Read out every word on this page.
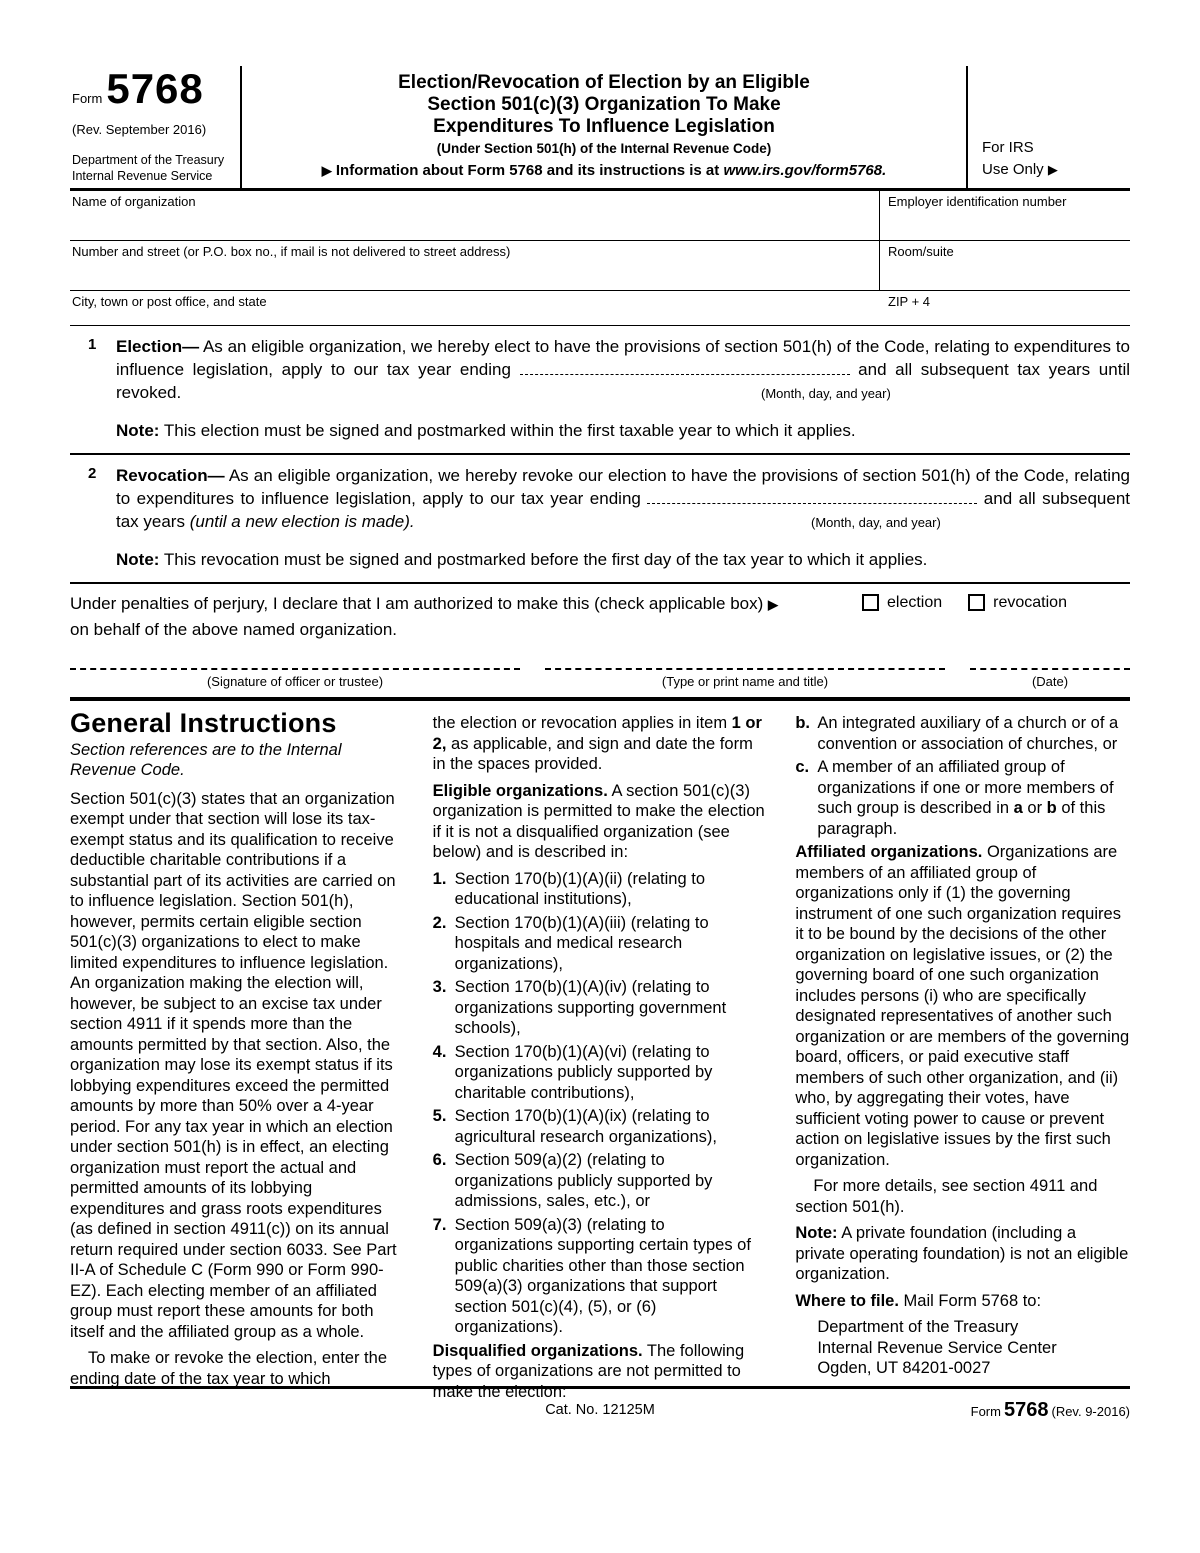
Form5768
(Rev. September 2016)
Department of the Treasury
Internal Revenue Service
Election/Revocation of Election by an Eligible
Section 501(c)(3) Organization To Make
Expenditures To Influence Legislation
(Under Section 501(h) of the Internal Revenue Code)
▶ Information about Form 5768 and its instructions is at www.irs.gov/form5768.
For IRS
Use Only ▶
Name of organization	Employer identification number
Number and street (or P.O. box no., if mail is not delivered to street address)	Room/suite
City, town or post office, and state	ZIP + 4
1	Election— As an eligible organization, we hereby elect to have the provisions of section 501(h) of the Code, relating to expenditures to influence legislation, apply to our tax year ending	and all subsequent tax years until revoked.	(Month, day, and year)

Note: This election must be signed and postmarked within the first taxable year to which it applies.

2	Revocation— As an eligible organization, we hereby revoke our election to have the provisions of section 501(h) of the Code, relating to expenditures to influence legislation, apply to our tax year ending	and all subsequent tax years (until a new election is made).	(Month, day, and year)

Note: This revocation must be signed and postmarked before the first day of the tax year to which it applies.

Under penalties of perjury, I declare that I am authorized to make this (check applicable box) ▶
on behalf of the above named organization.
election	revocation
(Signature of officer or trustee)	(Type or print name and title)	(Date)
General Instructions
Section references are to the Internal Revenue Code.

Section 501(c)(3) states that an organization exempt under that section will lose its tax-exempt status and its qualification to receive deductible charitable contributions if a substantial part of its activities are carried on to influence legislation. Section 501(h), however, permits certain eligible section 501(c)(3) organizations to elect to make limited expenditures to influence legislation. An organization making the election will, however, be subject to an excise tax under section 4911 if it spends more than the amounts permitted by that section. Also, the organization may lose its exempt status if its lobbying expenditures exceed the permitted amounts by more than 50% over a 4-year period. For any tax year in which an election under section 501(h) is in effect, an electing organization must report the actual and permitted amounts of its lobbying expenditures and grass roots expenditures (as defined in section 4911(c)) on its annual return required under section 6033. See Part II-A of Schedule C (Form 990 or Form 990-EZ). Each electing member of an affiliated group must report these amounts for both itself and the affiliated group as a whole.

To make or revoke the election, enter the ending date of the tax year to which

the election or revocation applies in item 1 or 2, as applicable, and sign and date the form in the spaces provided.

Eligible organizations. A section 501(c)(3) organization is permitted to make the election if it is not a disqualified organization (see below) and is described in:

1. Section 170(b)(1)(A)(ii) (relating to educational institutions),
2. Section 170(b)(1)(A)(iii) (relating to hospitals and medical research organizations),
3. Section 170(b)(1)(A)(iv) (relating to organizations supporting government schools),
4. Section 170(b)(1)(A)(vi) (relating to organizations publicly supported by charitable contributions),
5. Section 170(b)(1)(A)(ix) (relating to agricultural research organizations),
6. Section 509(a)(2) (relating to organizations publicly supported by admissions, sales, etc.), or
7. Section 509(a)(3) (relating to organizations supporting certain types of public charities other than those section 509(a)(3) organizations that support section 501(c)(4), (5), or (6) organizations).

Disqualified organizations. The following types of organizations are not permitted to make the election:

b. An integrated auxiliary of a church or of a convention or association of churches, or
c. A member of an affiliated group of organizations if one or more members of such group is described in a or b of this paragraph.

Affiliated organizations. Organizations are members of an affiliated group of organizations only if (1) the governing instrument of one such organization requires it to be bound by the decisions of the other organization on legislative issues, or (2) the governing board of one such organization includes persons (i) who are specifically designated representatives of another such organization or are members of the governing board, officers, or paid executive staff members of such other organization, and (ii) who, by aggregating their votes, have sufficient voting power to cause or prevent action on legislative issues by the first such organization.

For more details, see section 4911 and section 501(h).

Note: A private foundation (including a private operating foundation) is not an eligible organization.

Where to file. Mail Form 5768 to:

Department of the Treasury
Internal Revenue Service Center
Ogden, UT 84201-0027
Cat. No. 12125M	Form 5768 (Rev. 9-2016)
